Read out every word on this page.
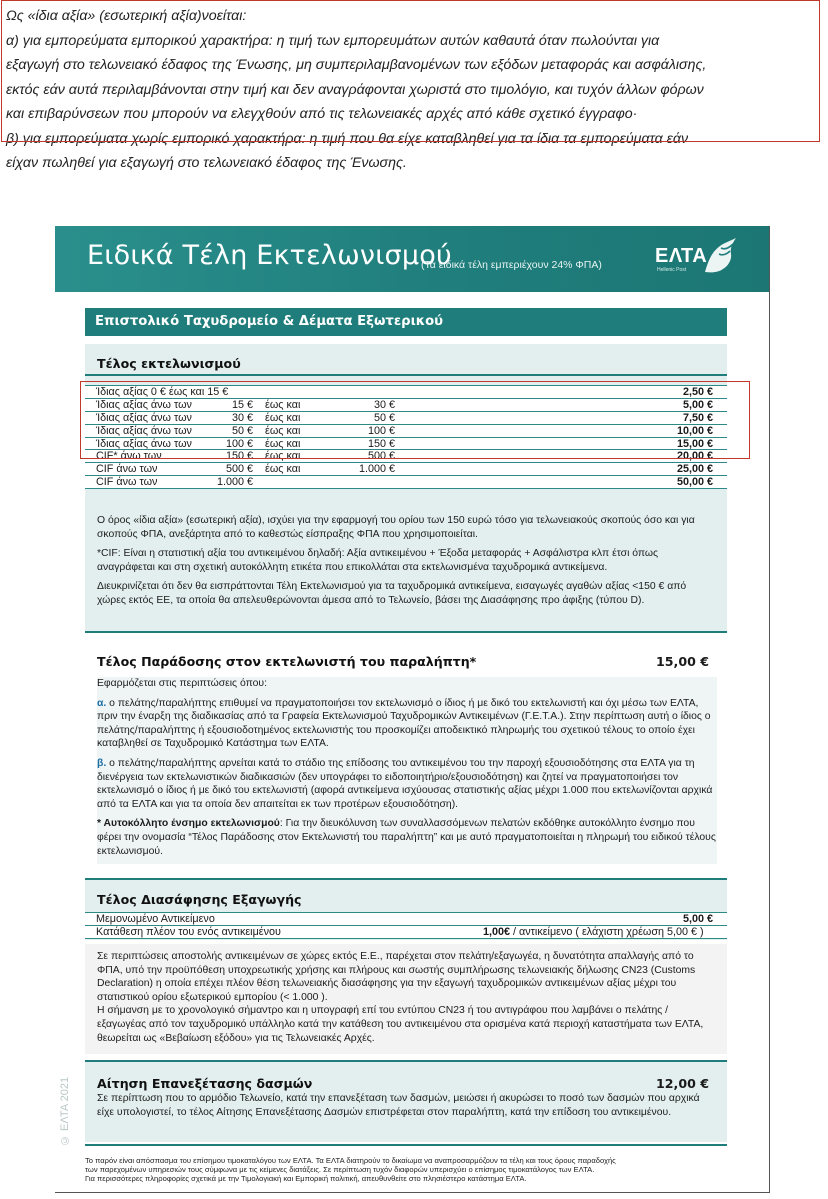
Ως «ίδια αξία» (εσωτερική αξία)νοείται:

α) για εμπορεύματα εμπορικού χαρακτήρα: η τιμή των εμπορευμάτων αυτών καθαυτά όταν πωλούνται για

εξαγωγή στο τελωνειακό έδαφος της Ένωσης, μη συμπεριλαμβανομένων των εξόδων μεταφοράς και ασφάλισης,

εκτός εάν αυτά περιλαμβάνονται στην τιμή και δεν αναγράφονται χωριστά στο τιμολόγιο, και τυχόν άλλων φόρων

και επιβαρύνσεων που μπορούν να ελεγχθούν από τις τελωνειακές αρχές από κάθε σχετικό έγγραφο·

β) για εμπορεύματα χωρίς εμπορικό χαρακτήρα: η τιμή που θα είχε καταβληθεί για τα ίδια τα εμπορεύματα εάν

είχαν πωληθεί για εξαγωγή στο τελωνειακό έδαφος της Ένωσης.

Ειδικά Τέλη Εκτελωνισμού
(Τα ειδικά τέλη εμπεριέχουν 24% ΦΠΑ)	ΕΛΤΑ
Hellenic Post
Επιστολικό Ταχυδρομείο & Δέματα Εξωτερικού
Τέλος εκτελωνισμού
Ίδιας αξίας 0 € έως και 15 €	2,50 €
Ίδιας αξίας άνω των	15 € έως και	30 €	5,00 €
Ίδιας αξίας άνω των	30 € έως και	50 €	7,50 €
Ίδιας αξίας άνω των	50 € έως και	100 €	10,00 €
Ίδιας αξίας άνω των	100 € έως και	150 €	15,00 €
CIF* άνω των	150 € έως και	500 €	20,00 €
CIF άνω των	500 € έως και	1.000 €	25,00 €
CIF άνω των	1.000 €	50,00 €

Ο όρος «ίδια αξία» (εσωτερική αξία), ισχύει για την εφαρμογή του ορίου των 150 ευρώ τόσο για τελωνειακούς σκοπούς όσο και για σκοπούς ΦΠΑ, ανεξάρτητα από το καθεστώς είσπραξης ΦΠΑ που χρησιμοποιείται.

*CIF: Είναι η στατιστική αξία του αντικειμένου δηλαδή: Αξία αντικειμένου + Έξοδα μεταφοράς + Ασφάλιστρα κλπ έτσι όπως αναγράφεται και στη σχετική αυτοκόλλητη ετικέτα που επικολλάται στα εκτελωνισμένα ταχυδρομικά αντικείμενα.

Διευκρινίζεται ότι δεν θα εισπράττονται Τέλη Εκτελωνισμού για τα ταχυδρομικά αντικείμενα, εισαγωγές αγαθών αξίας <150 € από χώρες εκτός ΕΕ, τα οποία θα απελευθερώνονται άμεσα από το Τελωνείο, βάσει της Διασάφησης προ άφιξης (τύπου D).

Τέλος Παράδοσης στον εκτελωνιστή του παραλήπτη*	15,00 €

Εφαρμόζεται στις περιπτώσεις όπου:

α. ο πελάτης/παραλήπτης επιθυμεί να πραγματοποιήσει τον εκτελωνισμό ο ίδιος ή με δικό του εκτελωνιστή και όχι μέσω των ΕΛΤΑ, πριν την έναρξη της διαδικασίας από τα Γραφεία Εκτελωνισμού Ταχυδρομικών Αντικειμένων (Γ.Ε.Τ.Α.). Στην περίπτωση αυτή ο ίδιος ο πελάτης/παραλήπτης ή εξουσιοδοτημένος εκτελωνιστής του προσκομίζει αποδεικτικό πληρωμής του σχετικού τέλους το οποίο έχει καταβληθεί σε Ταχυδρομικό Κατάστημα των ΕΛΤΑ.

β. ο πελάτης/παραλήπτης αρνείται κατά το στάδιο της επίδοσης του αντικειμένου του την παροχή εξουσιοδότησης στα ΕΛΤΑ για τη διενέργεια των εκτελωνιστικών διαδικασιών (δεν υπογράφει το ειδοποιητήριο/εξουσιοδότηση) και ζητεί να πραγματοποιήσει τον εκτελωνισμό ο ίδιος ή με δικό του εκτελωνιστή (αφορά αντικείμενα ισχύουσας στατιστικής αξίας μέχρι 1.000 που εκτελωνίζονται αρχικά από τα ΕΛΤΑ και για τα οποία δεν απαιτείται εκ των προτέρων εξουσιοδότηση).

* Αυτοκόλλητο ένσημο εκτελωνισμού: Για την διευκόλυνση των συναλλασσόμενων πελατών εκδόθηκε αυτοκόλλητο ένσημο που φέρει την ονομασία “Τέλος Παράδοσης στον Εκτελωνιστή του παραλήπτη” και με αυτό πραγματοποιείται η πληρωμή του ειδικού τέλους εκτελωνισμού.

Τέλος Διασάφησης Εξαγωγής
Μεμονωμένο Αντικείμενο	5,00 €
Κατάθεση πλέον του ενός αντικειμένου	1,00€ / αντικείμενο ( ελάχιστη χρέωση 5,00 € )

Σε περιπτώσεις αποστολής αντικειμένων σε χώρες εκτός Ε.Ε., παρέχεται στον πελάτη/εξαγωγέα, η δυνατότητα απαλλαγής από το ΦΠΑ, υπό την προϋπόθεση υποχρεωτικής χρήσης και πλήρους και σωστής συμπλήρωσης τελωνειακής δήλωσης CN23 (Customs Declaration) η οποία επέχει πλέον θέση τελωνειακής διασάφησης για την εξαγωγή ταχυδρομικών αντικειμένων αξίας μέχρι του στατιστικού ορίου εξωτερικού εμπορίου (< 1.000 ).

Η σήμανση με το χρονολογικό σήμαντρο και η υπογραφή επί του εντύπου CN23 ή του αντιγράφου που λαμβάνει ο πελάτης / εξαγωγέας από τον ταχυδρομικό υπάλληλο κατά την κατάθεση του αντικειμένου στα ορισμένα κατά περιοχή καταστήματα των ΕΛΤΑ, θεωρείται ως «Βεβαίωση εξόδου» για τις Τελωνειακές Αρχές.

Αίτηση Επανεξέτασης δασμών	12,00 €
Σε περίπτωση που το αρμόδιο Τελωνείο, κατά την επανεξέταση των δασμών, μειώσει ή ακυρώσει το ποσό των δασμών που αρχικά είχε υπολογιστεί, το τέλος Αίτησης Επανεξέτασης Δασμών επιστρέφεται στον παραλήπτη, κατά την επίδοση του αντικειμένου.
© ΕΛΤΑ 2021
Το παρόν είναι απόσπασμα του επίσημου τιμοκαταλόγου των ΕΛΤΑ. Τα ΕΛΤΑ διατηρούν το δικαίωμα να αναπροσαρμόζουν τα τέλη και τους όρους παραδοχής
των παρεχομένων υπηρεσιών τους σύμφωνα με τις κείμενες διατάξεις. Σε περίπτωση τυχόν διαφορών υπερισχύει ο επίσημος τιμοκατάλογος των ΕΛΤΑ.
Για περισσότερες πληροφορίες σχετικά με την Τιμολογιακή και Εμπορική πολιτική, απευθυνθείτε στο πλησιέστερο κατάστημα ΕΛΤΑ.
